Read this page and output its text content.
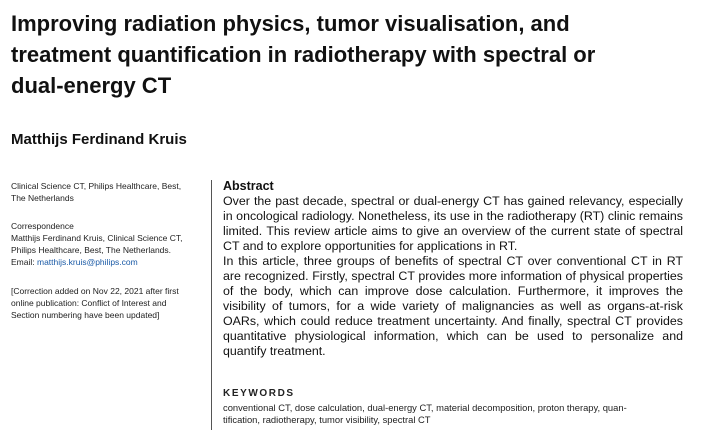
Improving radiation physics, tumor visualisation, and
treatment quantification in radiotherapy with spectral or
dual-energy CT
Matthijs Ferdinand Kruis
Clinical Science CT, Philips Healthcare, Best,
The Netherlands
Correspondence
Matthijs Ferdinand Kruis, Clinical Science CT,
Philips Healthcare, Best, The Netherlands.
Email: matthijs.kruis@philips.com
[Correction added on Nov 22, 2021 after first
online publication: Conflict of Interest and
Section numbering have been updated]
Abstract

Over the past decade, spectral or dual-energy CT has gained relevancy, especially in oncological radiology. Nonetheless, its use in the radiotherapy (RT) clinic remains limited. This review article aims to give an overview of the current state of spectral CT and to explore opportunities for applications in RT.

In this article, three groups of benefits of spectral CT over conventional CT in RT are recognized. Firstly, spectral CT provides more information of physical properties of the body, which can improve dose calculation. Furthermore, it improves the visibility of tumors, for a wide variety of malignancies as well as organs-at-risk OARs, which could reduce treatment uncertainty. And finally, spectral CT provides quantitative physiological information, which can be used to personalize and quantify treatment.

KEYWORDS
conventional CT, dose calculation, dual-energy CT, material decomposition, proton therapy, quan-
tification, radiotherapy, tumor visibility, spectral CT
